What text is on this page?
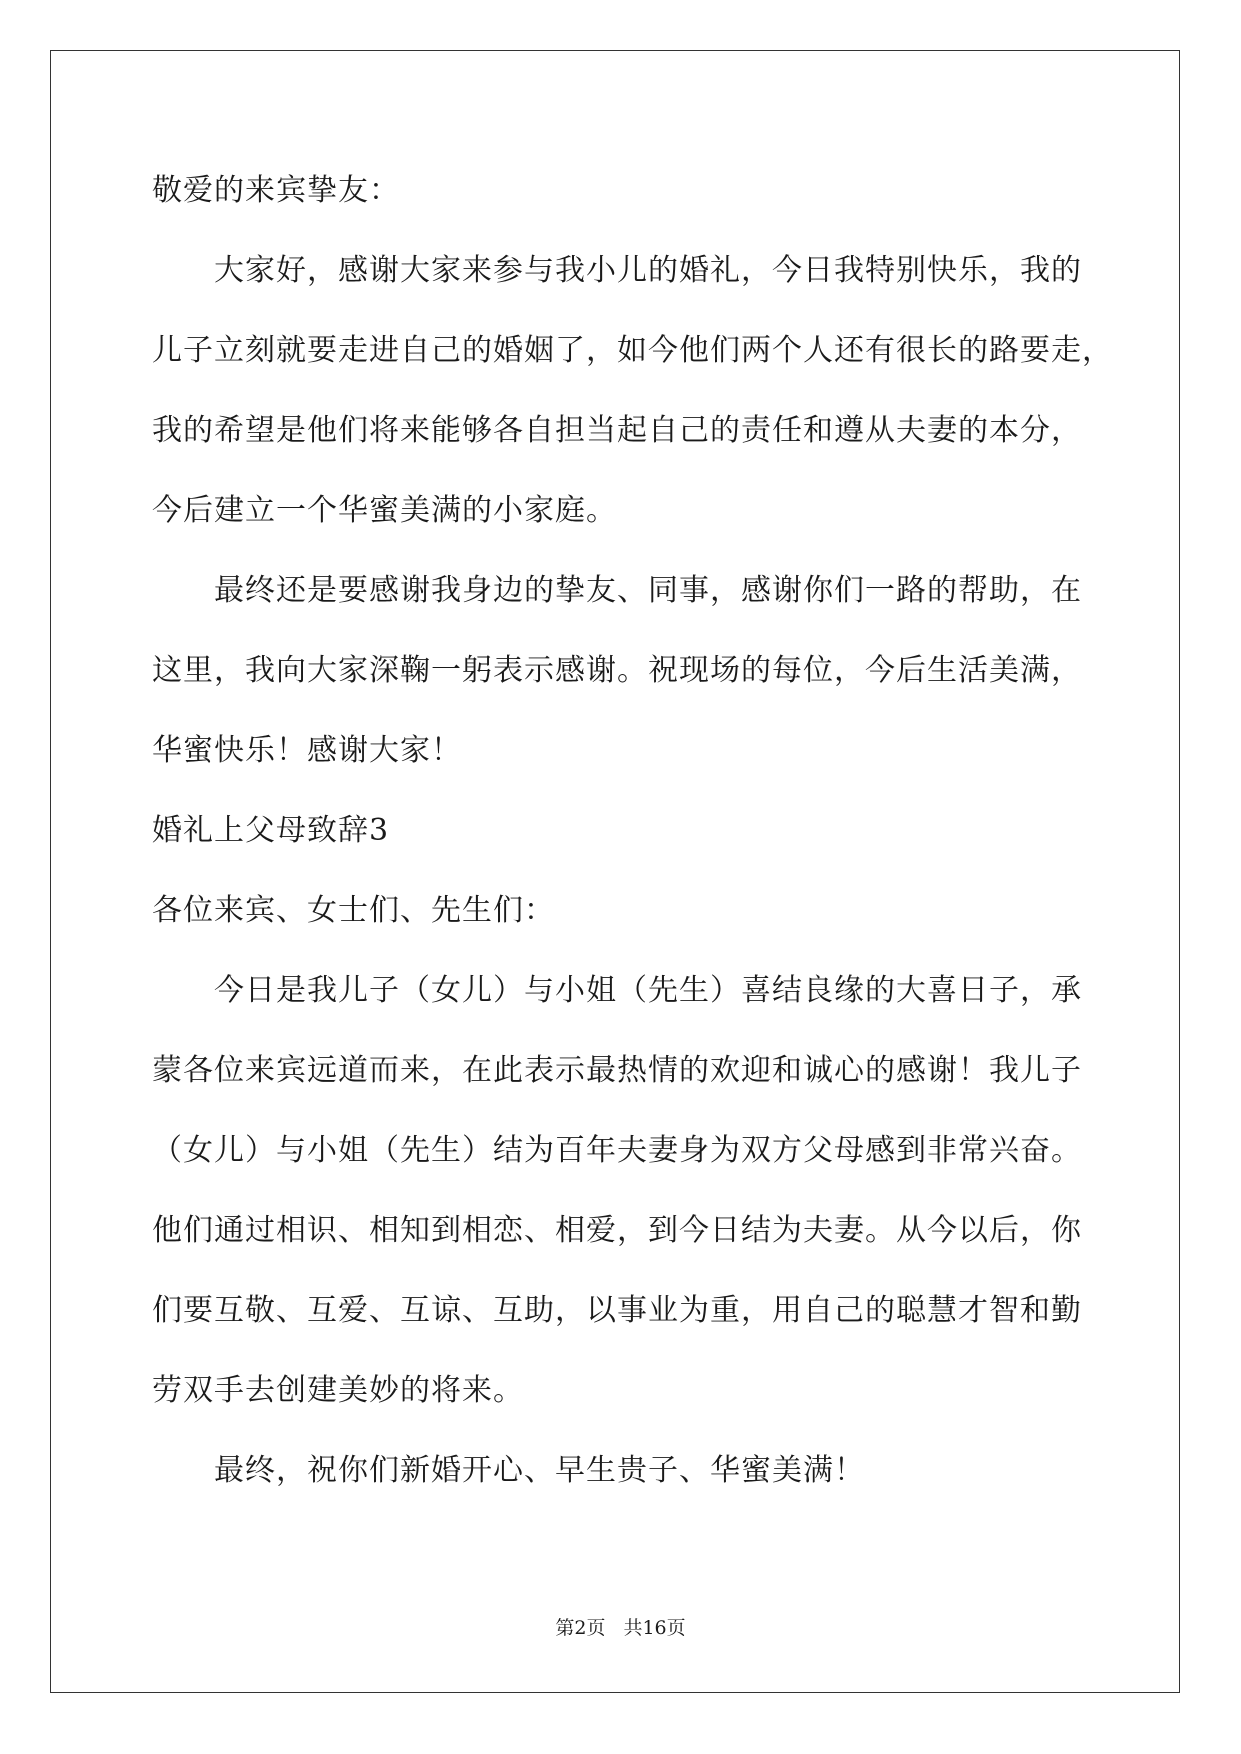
敬爱的来宾挚友：
大家好，感谢大家来参与我小儿的婚礼，今日我特别快乐，我的
儿子立刻就要走进自己的婚姻了，如今他们两个人还有很长的路要走，
我的希望是他们将来能够各自担当起自己的责任和遵从夫妻的本分，
今后建立一个华蜜美满的小家庭。
最终还是要感谢我身边的挚友、同事，感谢你们一路的帮助，在
这里，我向大家深鞠一躬表示感谢。祝现场的每位，今后生活美满，
华蜜快乐！感谢大家！
婚礼上父母致辞3
各位来宾、女士们、先生们：
今日是我儿子（女儿）与小姐（先生）喜结良缘的大喜日子，承
蒙各位来宾远道而来，在此表示最热情的欢迎和诚心的感谢！我儿子
（女儿）与小姐（先生）结为百年夫妻身为双方父母感到非常兴奋。
他们通过相识、相知到相恋、相爱，到今日结为夫妻。从今以后，你
们要互敬、互爱、互谅、互助，以事业为重，用自己的聪慧才智和勤
劳双手去创建美妙的将来。
最终，祝你们新婚开心、早生贵子、华蜜美满！
第2页 共16页
